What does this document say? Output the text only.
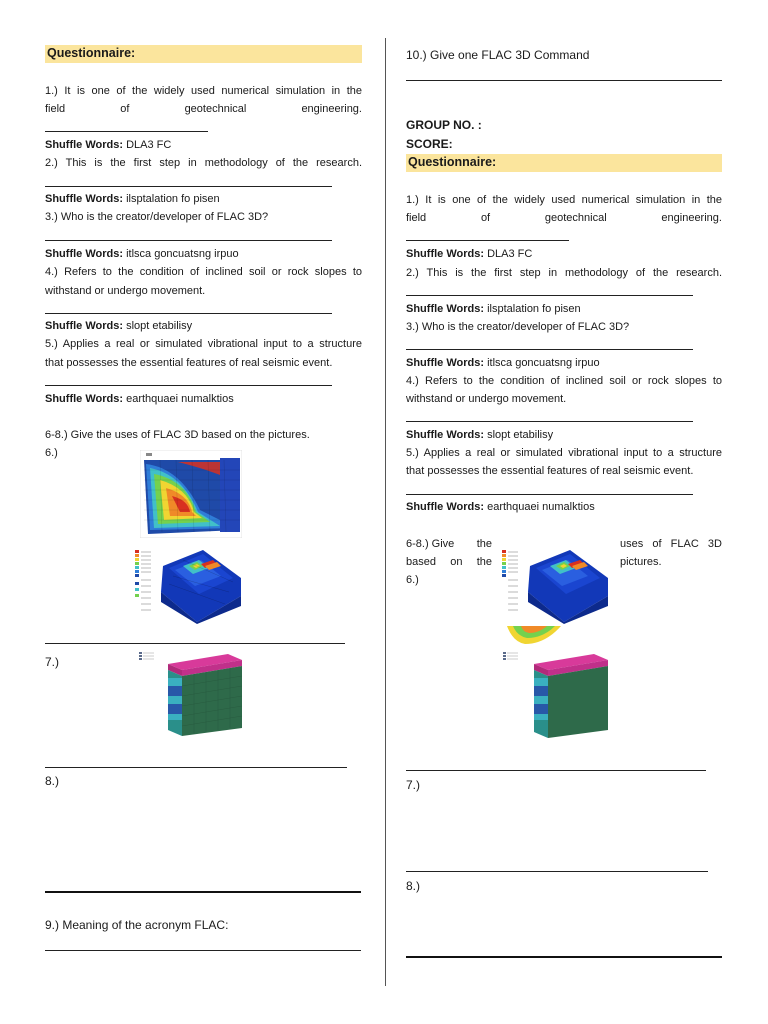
Questionnaire:
1.) It is one of the widely used numerical simulation in the
field	of	geotechnical	engineering.
Shuffle Words: DLA3 FC
2.) This is the first step in methodology of the research.
Shuffle Words: ilsptalation fo pisen
3.) Who is the creator/developer of FLAC 3D?
Shuffle Words: itlsca goncuatsng irpuo
4.) Refers to the condition of inclined soil or rock slopes to
withstand or undergo movement.
Shuffle Words: slopt etabilisy
5.) Applies a real or simulated vibrational input to a structure
that possesses the essential features of real seismic event.
Shuffle Words: earthquaei numalktios
6-8.) Give the uses of FLAC 3D based on the pictures.
6.)
7.)
8.)
9.) Meaning of the acronym FLAC:
10.) Give one FLAC 3D Command
GROUP NO. :
SCORE:
Questionnaire:
1.) It is one of the widely used numerical simulation in the
field	of	geotechnical	engineering.
Shuffle Words: DLA3 FC
2.) This is the first step in methodology of the research.
Shuffle Words: ilsptalation fo pisen
3.) Who is the creator/developer of FLAC 3D?
Shuffle Words: itlsca goncuatsng irpuo
4.) Refers to the condition of inclined soil or rock slopes to
withstand or undergo movement.
Shuffle Words: slopt etabilisy
5.) Applies a real or simulated vibrational input to a structure
that possesses the essential features of real seismic event.
Shuffle Words: earthquaei numalktios
6-8.) Give the
based on the
uses of FLAC 3D
pictures.
6.)
7.)
8.)
